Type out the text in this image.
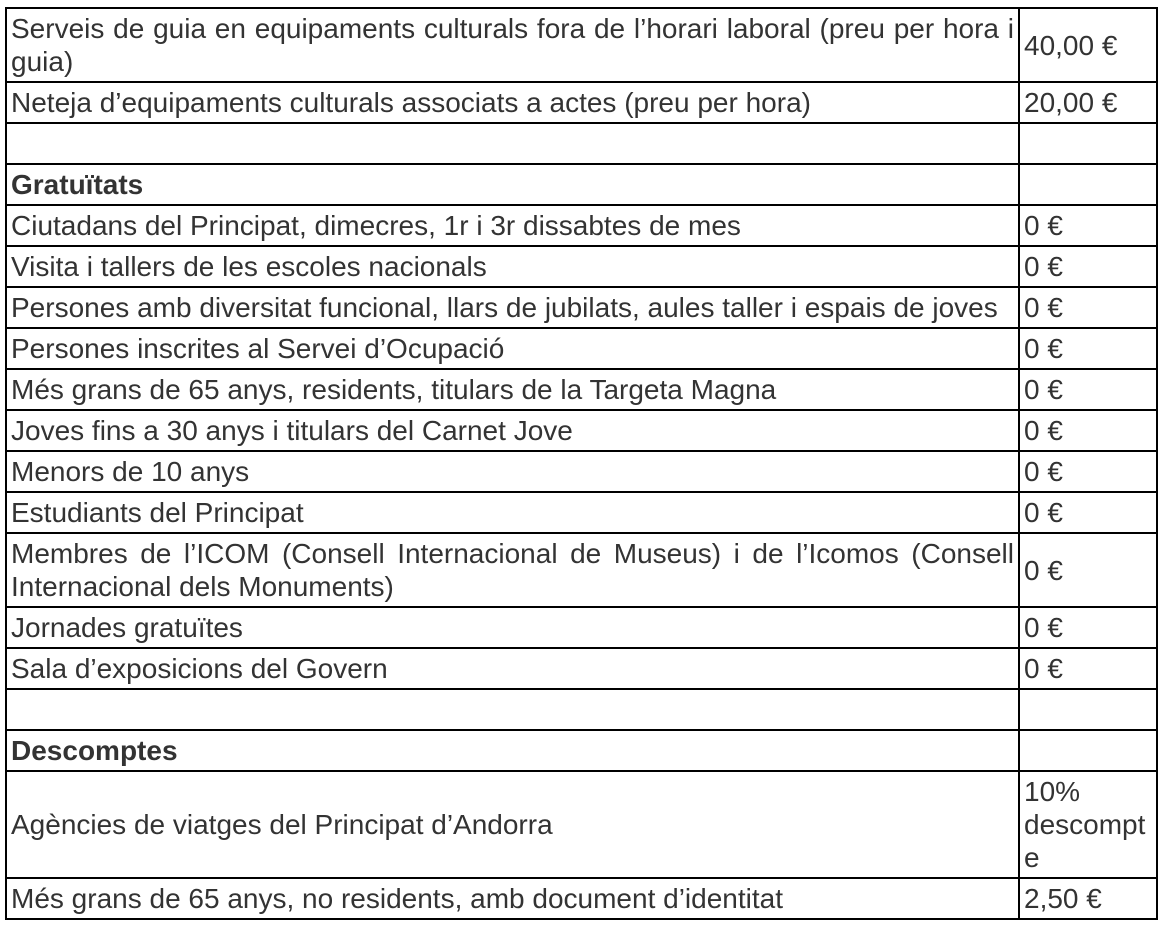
Serveis de guia en equipaments culturals fora de l’horari laboral (preu per hora i guia)	40,00 €
Neteja d’equipaments culturals associats a actes (preu per hora)	20,00 €

Gratuïtats	
Ciutadans del Principat, dimecres, 1r i 3r dissabtes de mes	0 €
Visita i tallers de les escoles nacionals	0 €
Persones amb diversitat funcional, llars de jubilats, aules taller i espais de joves	0 €
Persones inscrites al Servei d’Ocupació	0 €
Més grans de 65 anys, residents, titulars de la Targeta Magna	0 €
Joves fins a 30 anys i titulars del Carnet Jove	0 €
Menors de 10 anys	0 €
Estudiants del Principat	0 €
Membres de l’ICOM (Consell Internacional de Museus) i de l’Icomos (Consell Internacional dels Monuments)	0 €
Jornades gratuïtes	0 €
Sala d’exposicions del Govern	0 €

Descomptes	
Agències de viatges del Principat d’Andorra	10% descompte
Més grans de 65 anys, no residents, amb document d’identitat	2,50 €
